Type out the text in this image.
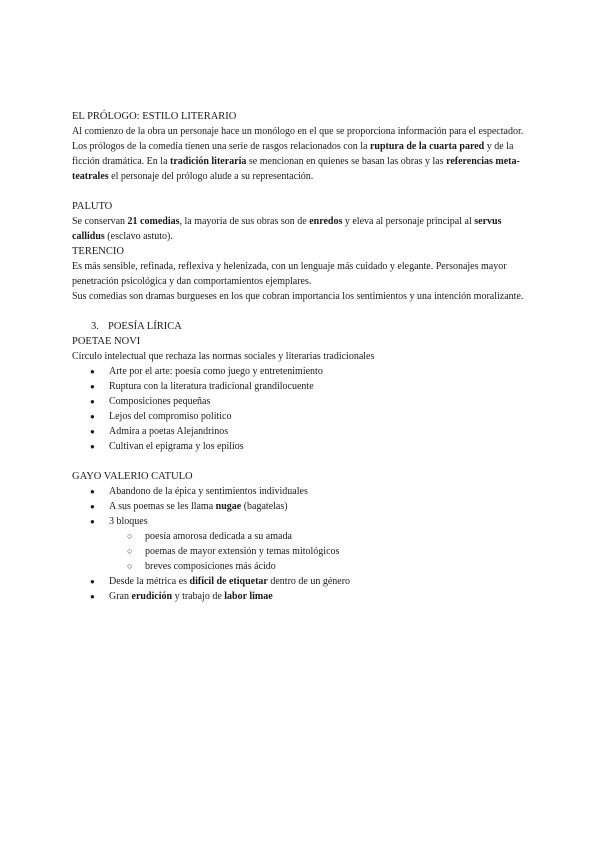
EL PRÓLOGO: ESTILO LITERARIO

Al comienzo de la obra un personaje hace un monólogo en el que se proporciona información para el espectador. Los prólogos de la comedia tienen una serie de rasgos relacionados con la ruptura de la cuarta pared y de la ficción dramática. En la tradición literaria se mencionan en quienes se basan las obras y las referencias meta-teatrales el personaje del prólogo alude a su representación.

PALUTO

Se conservan 21 comedias, la mayoría de sus obras son de enredos y eleva al personaje principal al servus callidus (esclavo astuto).

TERENCIO

Es más sensible, refinada, reflexiva y helenizada, con un lenguaje más cuidado y elegante. Personajes mayor penetración psicológica y dan comportamientos ejemplares.

Sus comedias son dramas burgueses en los que cobran importancia los sentimientos y una intención moralizante.

3. POESÍA LÍRICA
POETAE NOVI

Círculo intelectual que rechaza las normas sociales y literarias tradicionales

● Arte por el arte: poesía como juego y entretenimiento
● Ruptura con la literatura tradicional grandilocuente
● Composiciones pequeñas
● Lejos del compromiso político
● Admira a poetas Alejandrinos
● Cultivan el epigrama y los epilios
GAYO VALERIO CATULO
● Abandono de la épica y sentimientos individuales
● A sus poemas se les llama nugae (bagatelas)
● 3 bloques
○ poesía amorosa dedicada a su amada
○ poemas de mayor extensión y temas mitológicos
○ breves composiciones más ácido
● Desde la métrica es difícil de etiquetar dentro de un género
● Gran erudición y trabajo de labor limae
